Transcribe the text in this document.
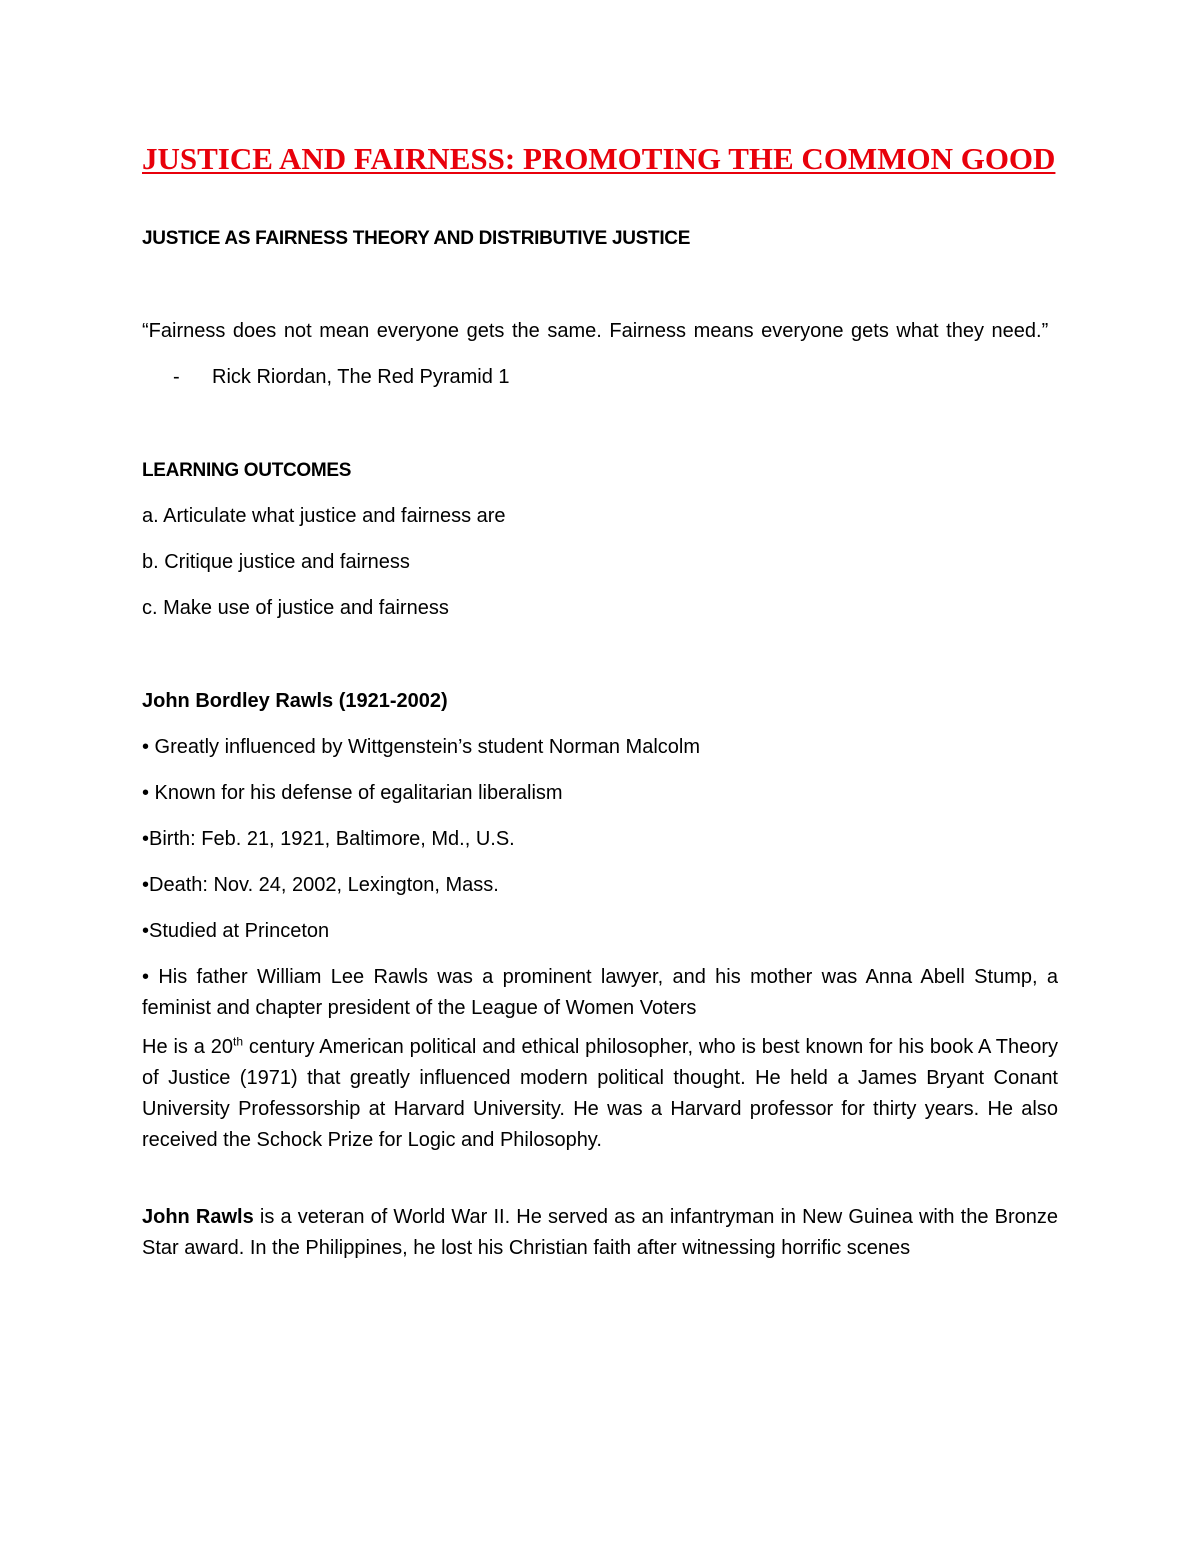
JUSTICE AND FAIRNESS: PROMOTING THE COMMON GOOD

JUSTICE AS FAIRNESS THEORY AND DISTRIBUTIVE JUSTICE

“Fairness does not mean everyone gets the same. Fairness means everyone gets what they need.”

-	Rick Riordan, The Red Pyramid 1

LEARNING OUTCOMES

a. Articulate what justice and fairness are

b. Critique justice and fairness

c. Make use of justice and fairness

John Bordley Rawls (1921-2002)

• Greatly influenced by Wittgenstein’s student Norman Malcolm

• Known for his defense of egalitarian liberalism

•Birth: Feb. 21, 1921, Baltimore, Md., U.S.

•Death: Nov. 24, 2002, Lexington, Mass.

•Studied at Princeton

• His father William Lee Rawls was a prominent lawyer, and his mother was Anna Abell Stump, a feminist and chapter president of the League of Women Voters

He is a 20th century American political and ethical philosopher, who is best known for his book A Theory of Justice (1971) that greatly influenced modern political thought. He held a James Bryant Conant University Professorship at Harvard University. He was a Harvard professor for thirty years. He also received the Schock Prize for Logic and Philosophy.

John Rawls is a veteran of World War II. He served as an infantryman in New Guinea with the Bronze Star award. In the Philippines, he lost his Christian faith after witnessing horrific scenes
